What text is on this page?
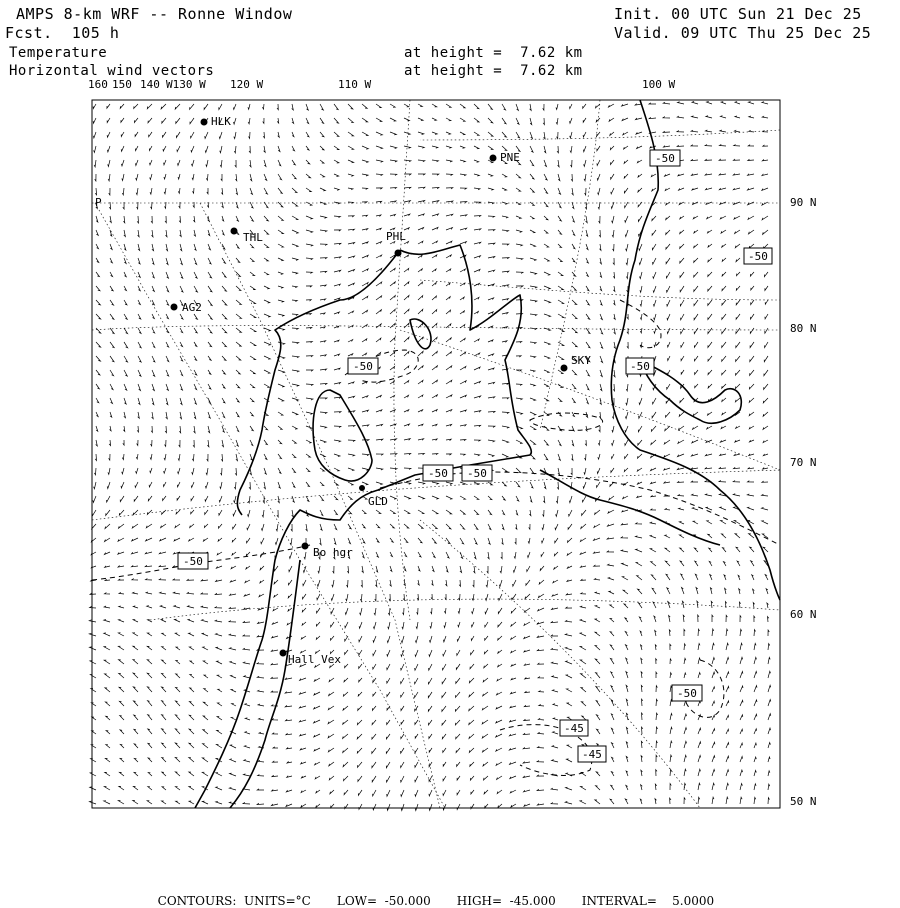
AMPS 8-km WRF -- Ronne Window
Fcst.  105 h
Temperature
Horizontal wind vectors
Init. 00 UTC Sun 21 Dec 25
Valid. 09 UTC Thu 25 Dec 25
at height =  7.62 km
at height =  7.62 km
160 150 140 W130 W 120 W	110 W	100 W
90 N
80 N
70 N
60 N
50 N
P
HLK
PNE
THL	PHL
AG2
SKY
GLD
Bo hgr
Hall Vex
-50
-50
-50	-50
-50 -50
-50
-50
-45
-45

CONTOURS:  UNITS=°C LOW=  -50.000 HIGH=  -45.000 INTERVAL=    5.0000
